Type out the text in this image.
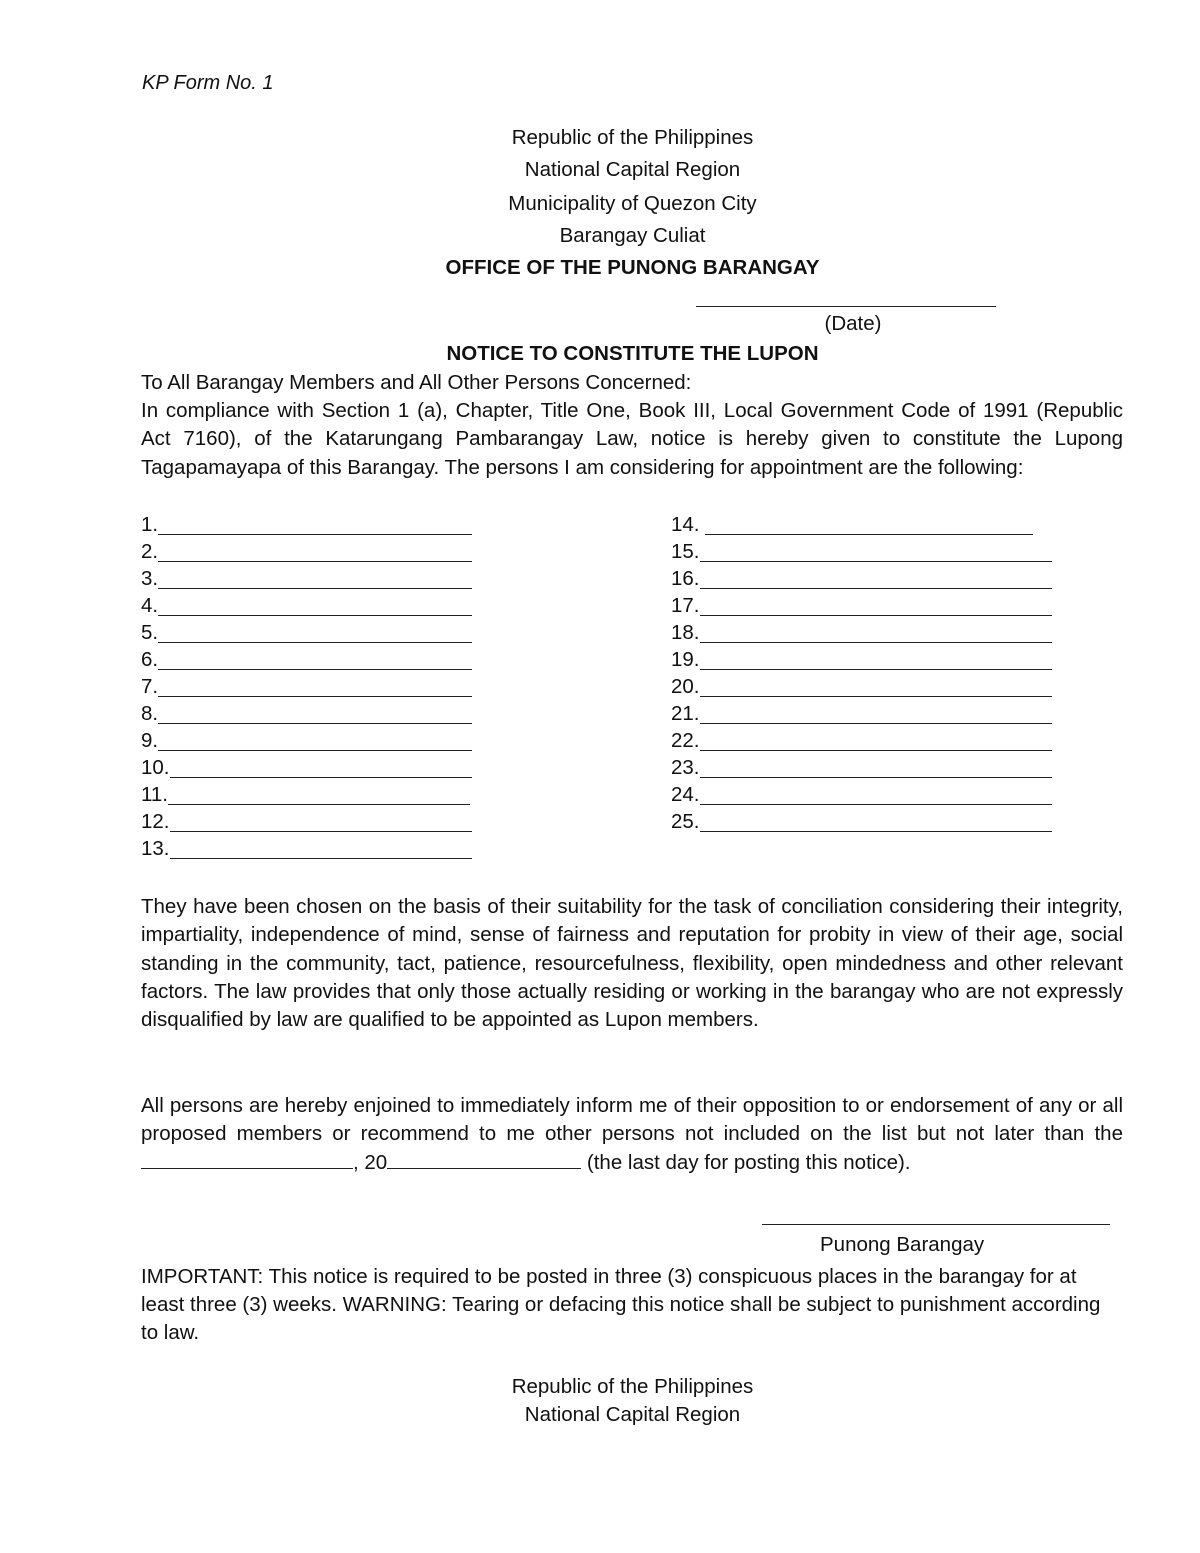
KP Form No. 1
Republic of the Philippines
National Capital Region
Municipality of Quezon City
Barangay Culiat
OFFICE OF THE PUNONG BARANGAY
(Date)
NOTICE TO CONSTITUTE THE LUPON
To All Barangay Members and All Other Persons Concerned:
In compliance with Section 1 (a), Chapter, Title One, Book III, Local Government Code of 1991 (Republic Act 7160), of the Katarungang Pambarangay Law, notice is hereby given to constitute the Lupong Tagapamayapa of this Barangay. The persons I am considering for appointment are the following:
1.
2.
3.
4.
5.
6.
7.
8.
9.
10.
11.
12.
13.
14.
15.
16.
17.
18.
19.
20.
21.
22.
23.
24.
25.
They have been chosen on the basis of their suitability for the task of conciliation considering their integrity, impartiality, independence of mind, sense of fairness and reputation for probity in view of their age, social standing in the community, tact, patience, resourcefulness, flexibility, open mindedness and other relevant factors. The law provides that only those actually residing or working in the barangay who are not expressly disqualified by law are qualified to be appointed as Lupon members.
All persons are hereby enjoined to immediately inform me of their opposition to or endorsement of any or all proposed members or recommend to me other persons not included on the list but not later than the , 20	(the last day for posting this notice).
Punong Barangay
IMPORTANT: This notice is required to be posted in three (3) conspicuous places in the barangay for at least three (3) weeks. WARNING: Tearing or defacing this notice shall be subject to punishment according to law.
Republic of the Philippines
National Capital Region
